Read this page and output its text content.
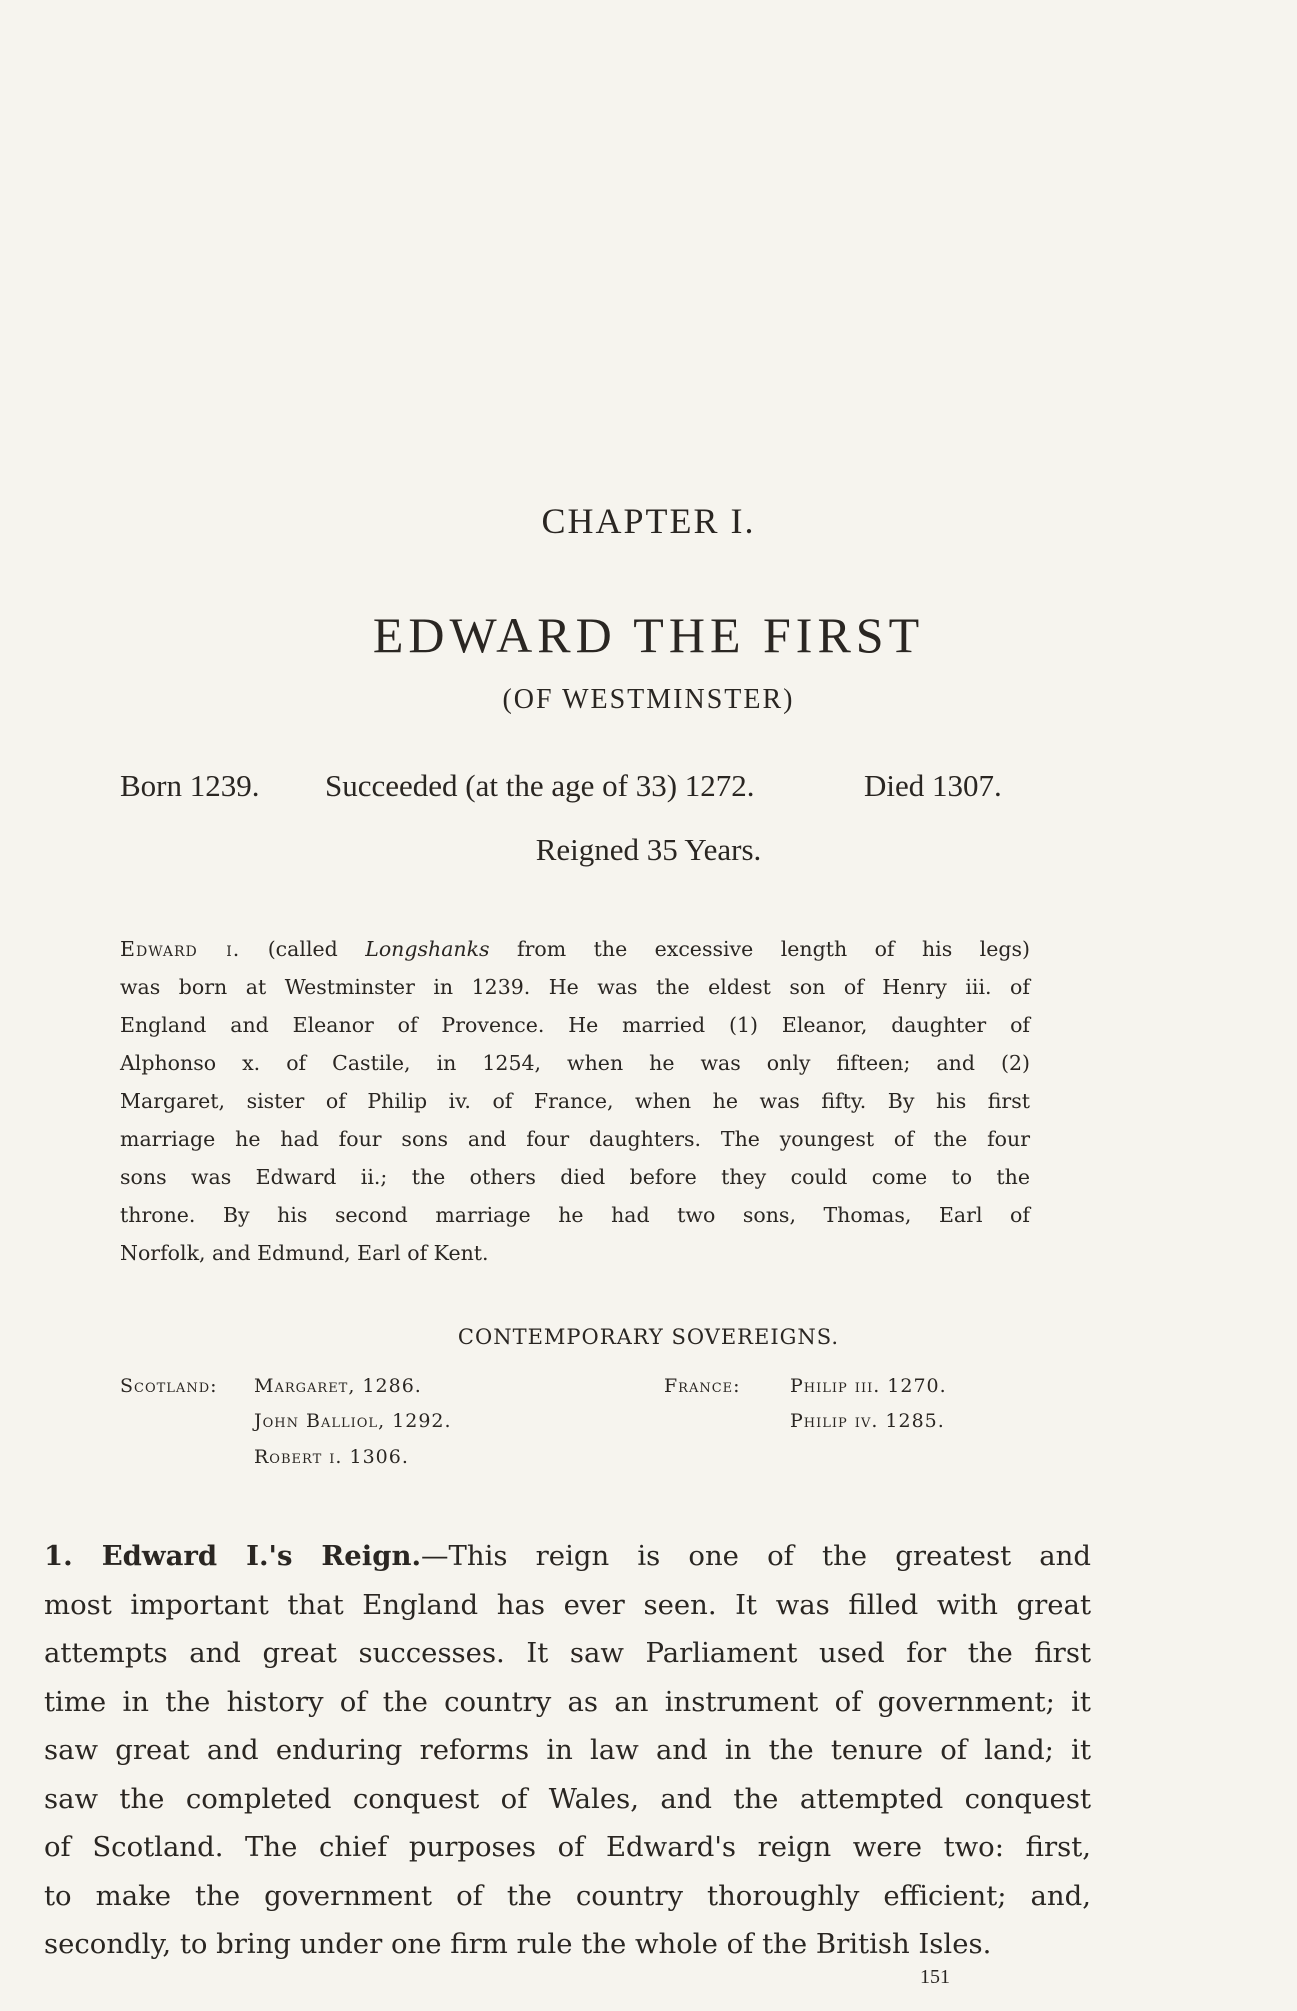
CHAPTER I.
EDWARD THE FIRST
(OF WESTMINSTER)
Born 1239. Succeeded (at the age of 33) 1272.	Died 1307.
Reigned 35 Years.
Edward i. (called Longshanks from the excessive length of his legs)
was born at Westminster in 1239. He was the eldest son of Henry iii. of
England and Eleanor of Provence. He married (1) Eleanor, daughter of
Alphonso x. of Castile, in 1254, when he was only fifteen; and (2)
Margaret, sister of Philip iv. of France, when he was fifty. By his first
marriage he had four sons and four daughters. The youngest of the four
sons was Edward ii.; the others died before they could come to the
throne. By his second marriage he had two sons, Thomas, Earl of
Norfolk, and Edmund, Earl of Kent.
CONTEMPORARY SOVEREIGNS.
Scotland: Margaret, 1286.
John Balliol, 1292.
Robert i. 1306.
France:	Philip iii. 1270.
Philip iv. 1285.
1. Edward I.'s Reign.—This reign is one of the greatest and
most important that England has ever seen. It was filled with great
attempts and great successes. It saw Parliament used for the first
time in the history of the country as an instrument of government; it
saw great and enduring reforms in law and in the tenure of land; it
saw the completed conquest of Wales, and the attempted conquest
of Scotland. The chief purposes of Edward's reign were two: first,
to make the government of the country thoroughly efficient; and,
secondly, to bring under one firm rule the whole of the British Isles.
151
